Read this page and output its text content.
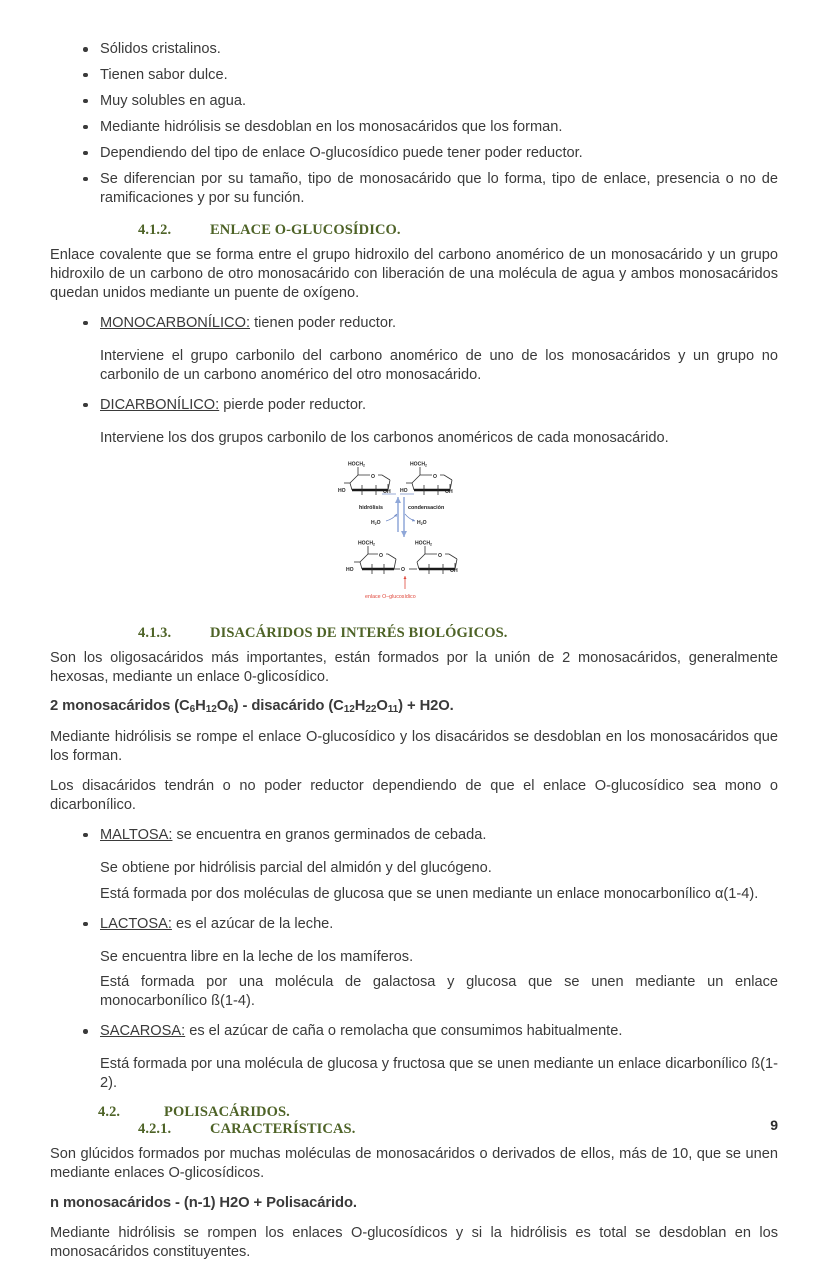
Sólidos cristalinos.
Tienen sabor dulce.
Muy solubles en agua.
Mediante hidrólisis se desdoblan en los monosacáridos que los forman.
Dependiendo del tipo de enlace O-glucosídico puede tener poder reductor.
Se diferencian por su tamaño, tipo de monosacárido que lo forma, tipo de enlace, presencia o no de ramificaciones y por su función.
4.1.2.	ENLACE O-GLUCOSÍDICO.

Enlace covalente que se forma entre el grupo hidroxilo del carbono anomérico de un monosacárido y un grupo hidroxilo de un carbono de otro monosacárido con liberación de una molécula de agua y ambos monosacáridos quedan unidos mediante un puente de oxígeno.

MONOCARBONÍLICO: tienen poder reductor.

Interviene el grupo carbonilo del carbono anomérico de uno de los monosacáridos y un grupo no carbonilo de un carbono anomérico del otro monosacárido.

DICARBONÍLICO: pierde poder reductor.

Interviene los dos grupos carbonilo de los carbonos anoméricos de cada monosacárido.

O
$HOCH_2$
HO	OH
O
$HOCH_2$
HO	OH
hidrólisis	condensación
$H_2O$	$H_2O$
O
$HOCH_2$
HO	O
O
$HOCH_2$
OH
enlace O–glucosídico
4.1.3.	DISACÁRIDOS DE INTERÉS BIOLÓGICOS.

Son los oligosacáridos más importantes, están formados por la unión de 2 monosacáridos, generalmente hexosas, mediante un enlace 0-glicosídico.

2 monosacáridos $(C_6H_{12}O_6)$ - disacárido $(C_{12}H_{22}O_{11}) + H2O$.

Mediante hidrólisis se rompe el enlace O-glucosídico y los disacáridos se desdoblan en los monosacáridos que los forman.

Los disacáridos tendrán o no poder reductor dependiendo de que el enlace O-glucosídico sea mono o dicarbonílico.

MALTOSA: se encuentra en granos germinados de cebada.

Se obtiene por hidrólisis parcial del almidón y del glucógeno.

Está formada por dos moléculas de glucosa que se unen mediante un enlace monocarbonílico α(1-4).

LACTOSA: es el azúcar de la leche.

Se encuentra libre en la leche de los mamíferos.

Está formada por una molécula de galactosa y glucosa que se unen mediante un enlace monocarbonílico ß(1-4).

SACAROSA: es el azúcar de caña o remolacha que consumimos habitualmente.

Está formada por una molécula de glucosa y fructosa que se unen mediante un enlace dicarbonílico ß(1-2).

4.2.	POLISACÁRIDOS.
4.2.1.	CARACTERÍSTICAS.

Son glúcidos formados por muchas moléculas de monosacáridos o derivados de ellos, más de 10, que se unen mediante enlaces O-glicosídicos.

n monosacáridos - (n-1) H2O + Polisacárido.

Mediante hidrólisis se rompen los enlaces O-glucosídicos y si la hidrólisis es total se desdoblan en los monosacáridos constituyentes.

9
